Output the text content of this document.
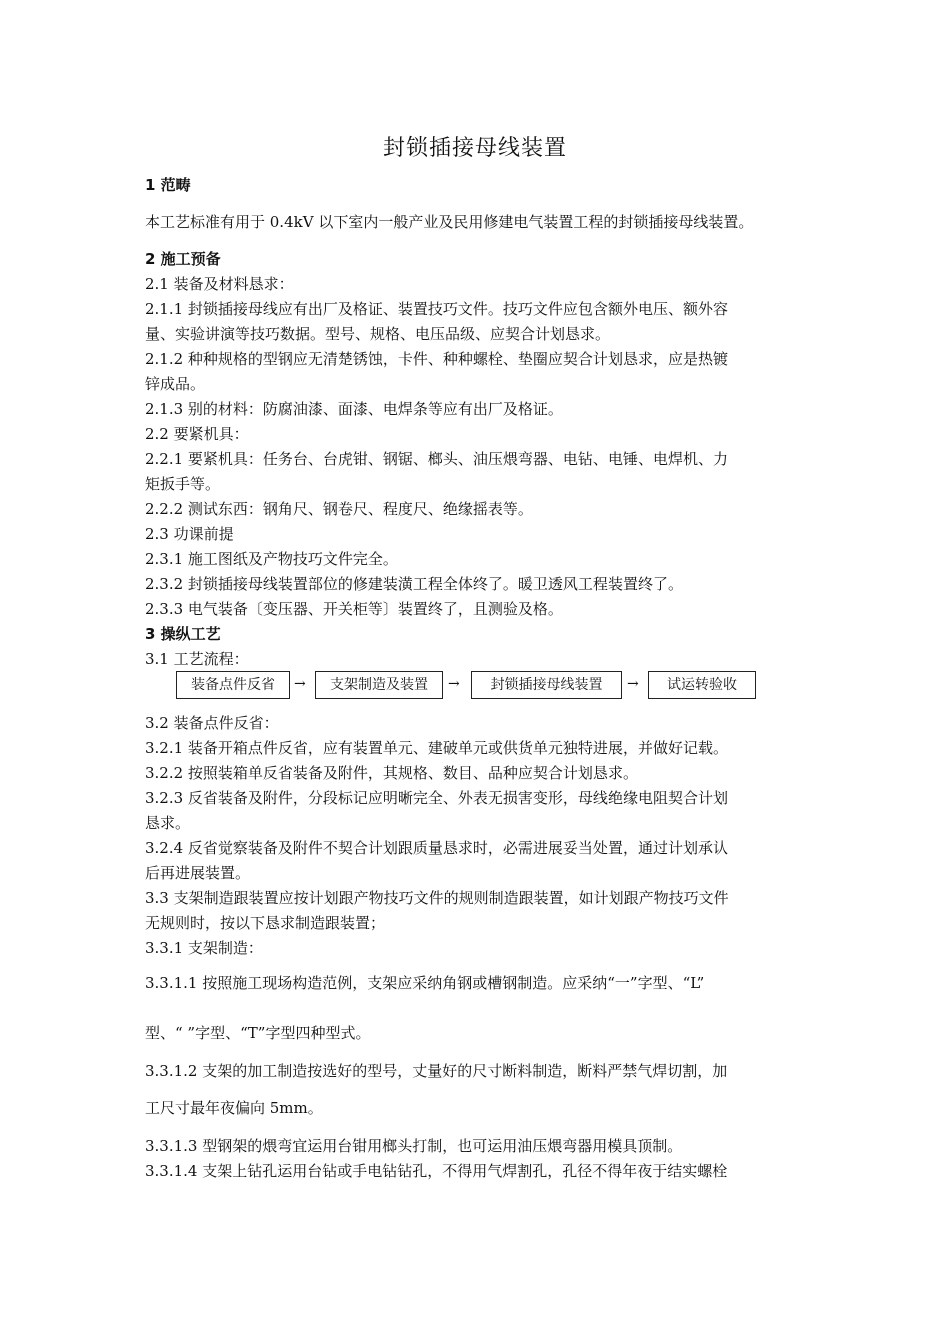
封锁插接母线装置
1 范畴
本工艺标准有用于 0.4kV 以下室内一般产业及民用修建电气装置工程的封锁插接母线装置。
2 施工预备
2.1 装备及材料恳求：
2.1.1 封锁插接母线应有出厂及格证、装置技巧文件。技巧文件应包含额外电压、额外容
量、实验讲演等技巧数据。型号、规格、电压品级、应契合计划恳求。
2.1.2 种种规格的型钢应无清楚锈蚀，卡件、种种螺栓、垫圈应契合计划恳求，应是热镀
锌成品。
2.1.3 别的材料：防腐油漆、面漆、电焊条等应有出厂及格证。
2.2 要紧机具：
2.2.1 要紧机具：任务台、台虎钳、钢锯、榔头、油压煨弯器、电钻、电锤、电焊机、力
矩扳手等。
2.2.2 测试东西：钢角尺、钢卷尺、程度尺、绝缘摇表等。
2.3 功课前提
2.3.1 施工图纸及产物技巧文件完全。
2.3.2 封锁插接母线装置部位的修建装潢工程全体终了。暖卫透风工程装置终了。
2.3.3 电气装备〔变压器、开关柜等〕装置终了，且测验及格。
3 操纵工艺
3.1 工艺流程：
3.2 装备点件反省：
3.2.1 装备开箱点件反省，应有装置单元、建破单元或供货单元独特进展，并做好记载。
3.2.2 按照装箱单反省装备及附件，其规格、数目、品种应契合计划恳求。
3.2.3 反省装备及附件，分段标记应明晰完全、外表无损害变形，母线绝缘电阻契合计划
恳求。
3.2.4 反省觉察装备及附件不契合计划跟质量恳求时，必需进展妥当处置，通过计划承认
后再进展装置。
3.3 支架制造跟装置应按计划跟产物技巧文件的规则制造跟装置，如计划跟产物技巧文件
无规则时，按以下恳求制造跟装置；
3.3.1 支架制造：
3.3.1.1 按照施工现场构造范例，支架应采纳角钢或槽钢制造。应采纳“一”字型、“L”
型、“ ”字型、“T”字型四种型式。
3.3.1.2 支架的加工制造按选好的型号，丈量好的尺寸断料制造，断料严禁气焊切割，加
工尺寸最年夜偏向 5mm。
3.3.1.3 型钢架的煨弯宜运用台钳用榔头打制，也可运用油压煨弯器用模具顶制。
3.3.1.4 支架上钻孔运用台钻或手电钻钻孔，不得用气焊割孔，孔径不得年夜于结实螺栓
装备点件反省	→	支架制造及装置	→	封锁插接母线装置	→	试运转验收
